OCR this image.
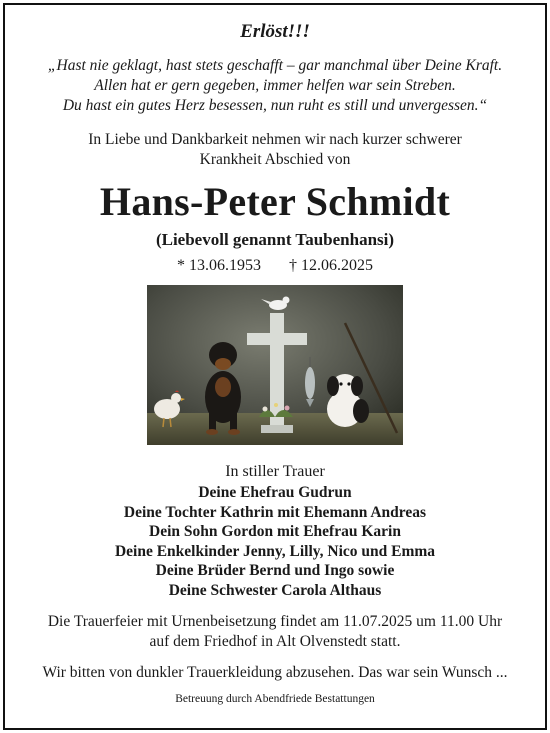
Erlöst!!!
„Hast nie geklagt, hast stets geschafft – gar manchmal über Deine Kraft.
Allen hat er gern gegeben, immer helfen war sein Streben.
Du hast ein gutes Herz besessen, nun ruht es still und unvergessen.“
In Liebe und Dankbarkeit nehmen wir nach kurzer schwerer
Krankheit Abschied von
Hans-Peter Schmidt
(Liebevoll genannt Taubenhansi)
* 13.06.1953 † 12.06.2025
In stiller Trauer
Deine Ehefrau Gudrun
Deine Tochter Kathrin mit Ehemann Andreas
Dein Sohn Gordon mit Ehefrau Karin
Deine Enkelkinder Jenny, Lilly, Nico und Emma
Deine Brüder Bernd und Ingo sowie
Deine Schwester Carola Althaus
Die Trauerfeier mit Urnenbeisetzung findet am 11.07.2025 um 11.00 Uhr
auf dem Friedhof in Alt Olvenstedt statt.
Wir bitten von dunkler Trauerkleidung abzusehen. Das war sein Wunsch ...
Betreuung durch Abendfriede Bestattungen
